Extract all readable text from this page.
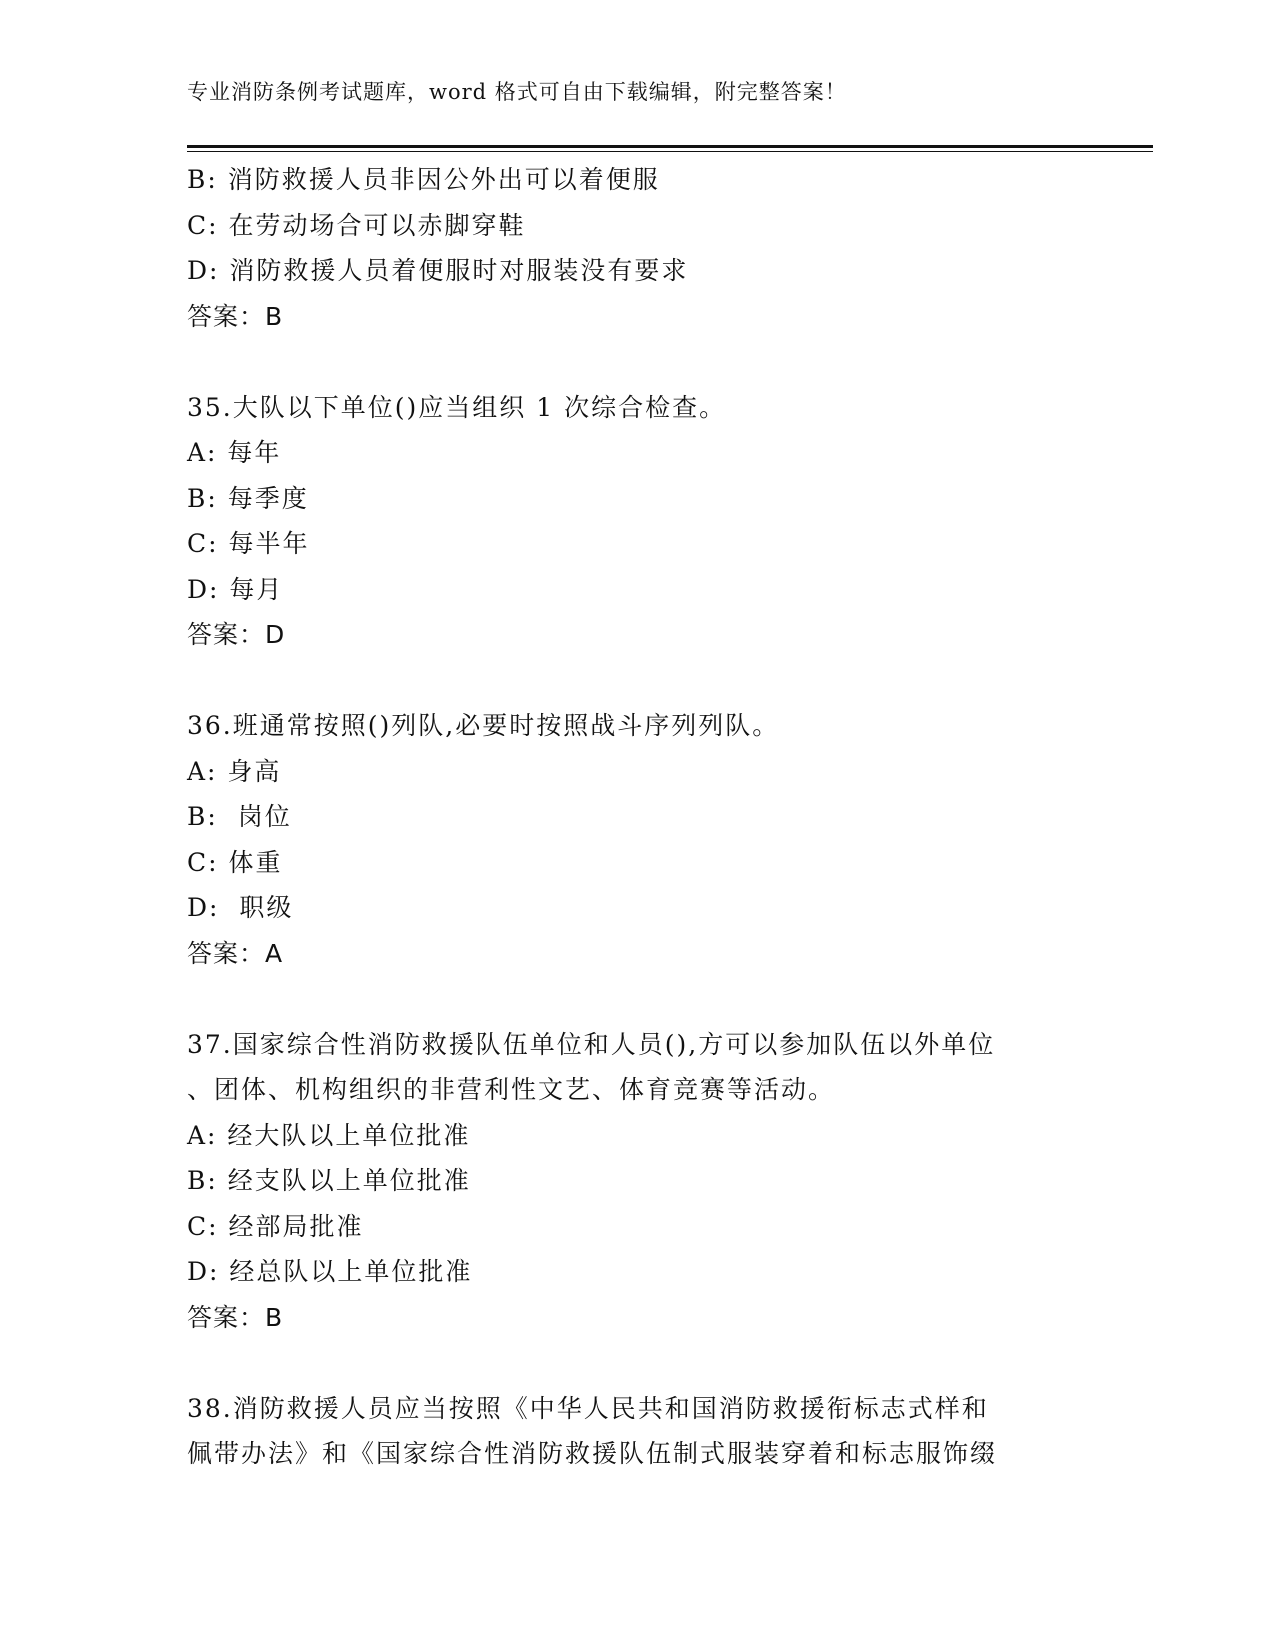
专业消防条例考试题库，word 格式可自由下载编辑，附完整答案！
B: 消防救援人员非因公外出可以着便服
C: 在劳动场合可以赤脚穿鞋
D: 消防救援人员着便服时对服装没有要求
答案：B
35.大队以下单位()应当组织 1 次综合检查。
A: 每年
B: 每季度
C: 每半年
D: 每月
答案：D
36.班通常按照()列队,必要时按照战斗序列列队。
A: 身高
B:  岗位
C: 体重
D:  职级
答案：A
37.国家综合性消防救援队伍单位和人员(),方可以参加队伍以外单位
、团体、机构组织的非营利性文艺、体育竞赛等活动。
A: 经大队以上单位批准
B: 经支队以上单位批准
C: 经部局批准
D: 经总队以上单位批准
答案：B
38.消防救援人员应当按照《中华人民共和国消防救援衔标志式样和
佩带办法》和《国家综合性消防救援队伍制式服装穿着和标志服饰缀
